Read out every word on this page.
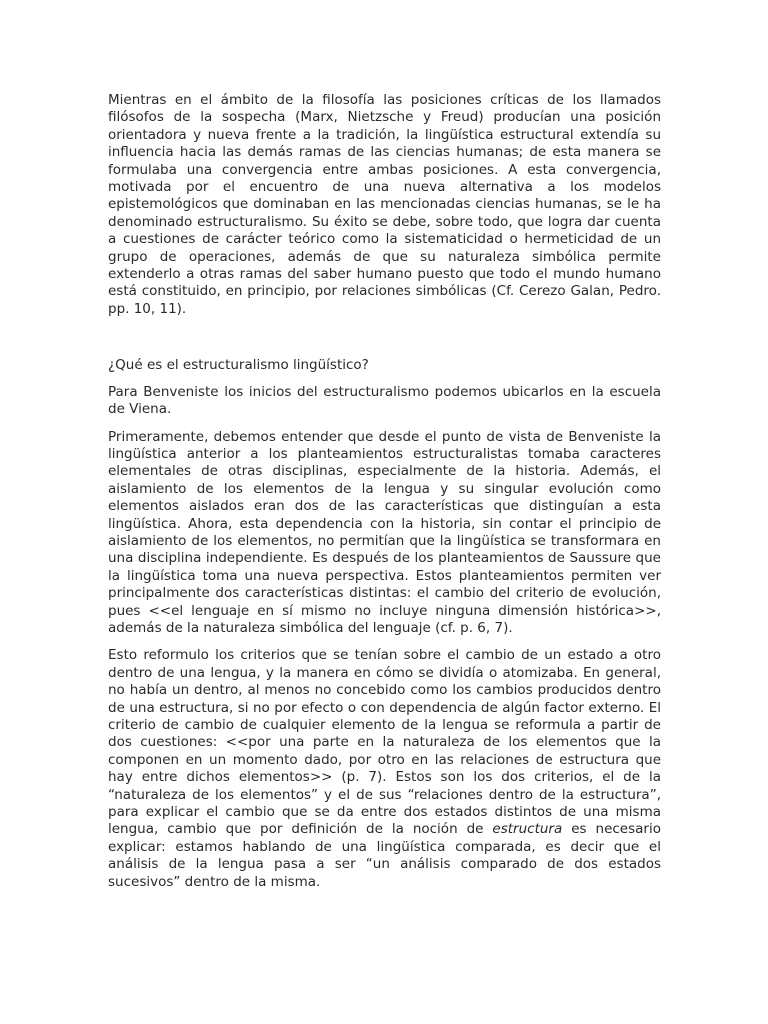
Mientras en el ámbito de la filosofía las posiciones críticas de los llamados filósofos de la sospecha (Marx, Nietzsche y Freud) producían una posición orientadora y nueva frente a la tradición, la lingüística estructural extendía su influencia hacia las demás ramas de las ciencias humanas; de esta manera se formulaba una convergencia entre ambas posiciones. A esta convergencia, motivada por el encuentro de una nueva alternativa a los modelos epistemológicos que dominaban en las mencionadas ciencias humanas, se le ha denominado estructuralismo. Su éxito se debe, sobre todo, que logra dar cuenta a cuestiones de carácter teórico como la sistematicidad o hermeticidad de un grupo de operaciones, además de que su naturaleza simbólica permite extenderlo a otras ramas del saber humano puesto que todo el mundo humano está constituido, en principio, por relaciones simbólicas (Cf. Cerezo Galan, Pedro. pp. 10, 11).

¿Qué es el estructuralismo lingüístico?

Para Benveniste los inicios del estructuralismo podemos ubicarlos en la escuela de Viena.

Primeramente, debemos entender que desde el punto de vista de Benveniste la lingüística anterior a los planteamientos estructuralistas tomaba caracteres elementales de otras disciplinas, especialmente de la historia. Además, el aislamiento de los elementos de la lengua y su singular evolución como elementos aislados eran dos de las características que distinguían a esta lingüística. Ahora, esta dependencia con la historia, sin contar el principio de aislamiento de los elementos, no permitían que la lingüística se transformara en una disciplina independiente. Es después de los planteamientos de Saussure que la lingüística toma una nueva perspectiva. Estos planteamientos permiten ver principalmente dos características distintas: el cambio del criterio de evolución, pues <<el lenguaje en sí mismo no incluye ninguna dimensión histórica>>, además de la naturaleza simbólica del lenguaje (cf. p. 6, 7).

Esto reformulo los criterios que se tenían sobre el cambio de un estado a otro dentro de una lengua, y la manera en cómo se dividía o atomizaba. En general, no había un dentro, al menos no concebido como los cambios producidos dentro de una estructura, si no por efecto o con dependencia de algún factor externo. El criterio de cambio de cualquier elemento de la lengua se reformula a partir de dos cuestiones: <<por una parte en la naturaleza de los elementos que la componen en un momento dado, por otro en las relaciones de estructura que hay entre dichos elementos>> (p. 7). Estos son los dos criterios, el de la “naturaleza de los elementos” y el de sus “relaciones dentro de la estructura”, para explicar el cambio que se da entre dos estados distintos de una misma lengua, cambio que por definición de la noción de estructura es necesario explicar: estamos hablando de una lingüística comparada, es decir que el análisis de la lengua pasa a ser “un análisis comparado de dos estados sucesivos” dentro de la misma.
